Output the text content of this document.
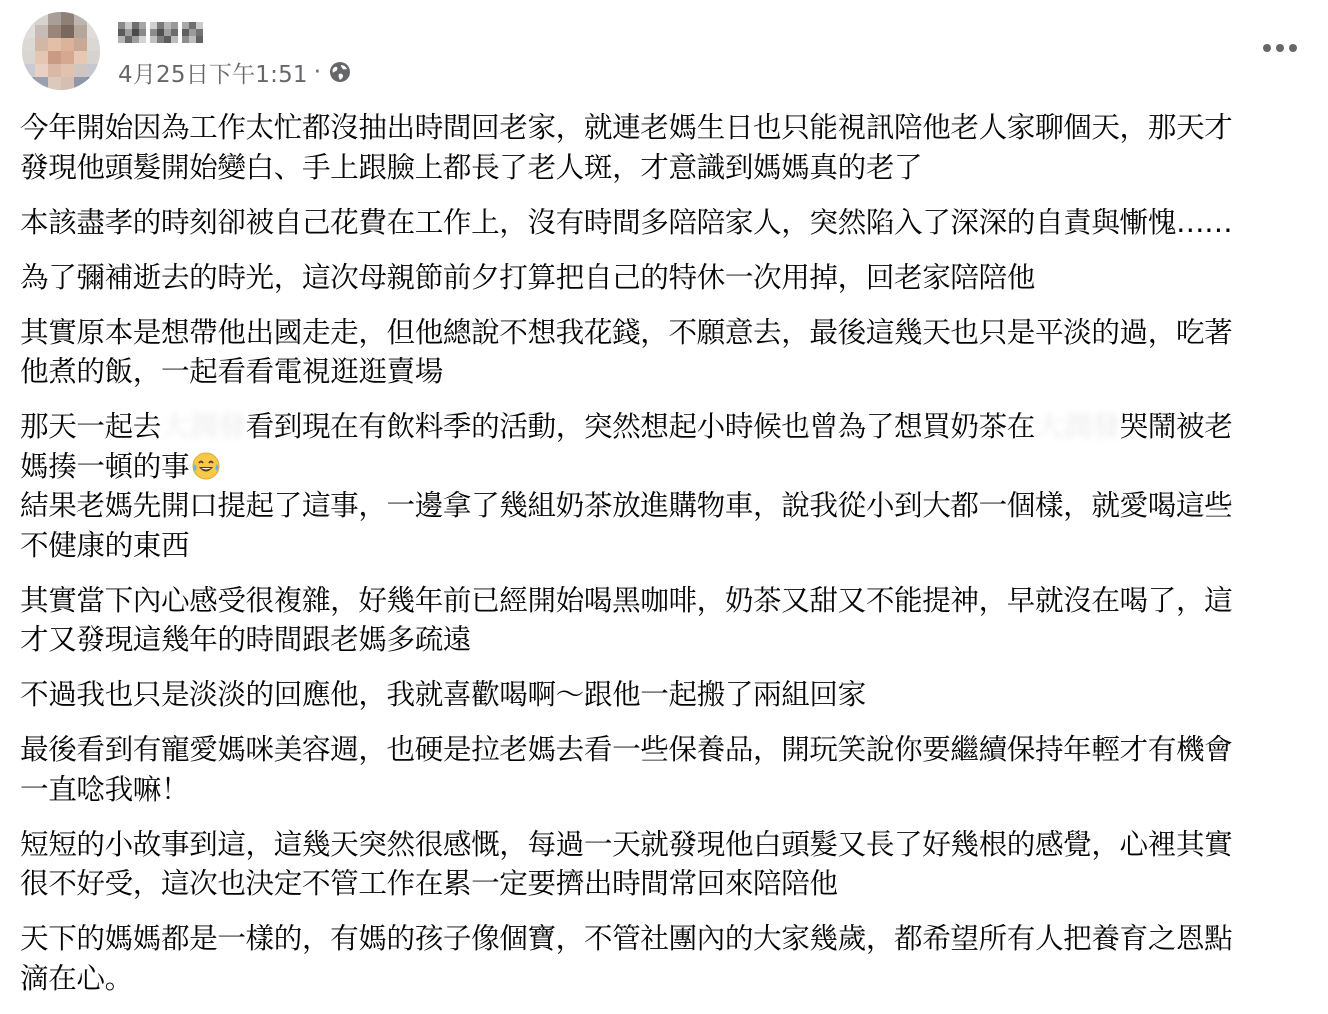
4月25日下午1:51 ·

今年開始因為工作太忙都沒抽出時間回老家，就連老媽生日也只能視訊陪他老人家聊個天，那天才
發現他頭髮開始變白、手上跟臉上都長了老人斑，才意識到媽媽真的老了

本該盡孝的時刻卻被自己花費在工作上，沒有時間多陪陪家人，突然陷入了深深的自責與慚愧……

為了彌補逝去的時光，這次母親節前夕打算把自己的特休一次用掉，回老家陪陪他

其實原本是想帶他出國走走，但他總說不想我花錢，不願意去，最後這幾天也只是平淡的過，吃著
他煮的飯，一起看看電視逛逛賣場

那天一起去大潤發看到現在有飲料季的活動，突然想起小時候也曾為了想買奶茶在大潤發哭鬧被老
媽揍一頓的事

結果老媽先開口提起了這事，一邊拿了幾組奶茶放進購物車，說我從小到大都一個樣，就愛喝這些
不健康的東西

其實當下內心感受很複雜，好幾年前已經開始喝黑咖啡，奶茶又甜又不能提神，早就沒在喝了，這
才又發現這幾年的時間跟老媽多疏遠

不過我也只是淡淡的回應他，我就喜歡喝啊～跟他一起搬了兩組回家

最後看到有寵愛媽咪美容週，也硬是拉老媽去看一些保養品，開玩笑說你要繼續保持年輕才有機會
一直唸我嘛！

短短的小故事到這，這幾天突然很感慨，每過一天就發現他白頭髮又長了好幾根的感覺，心裡其實
很不好受，這次也決定不管工作在累一定要擠出時間常回來陪陪他

天下的媽媽都是一樣的，有媽的孩子像個寶，不管社團內的大家幾歲，都希望所有人把養育之恩點
滴在心。
